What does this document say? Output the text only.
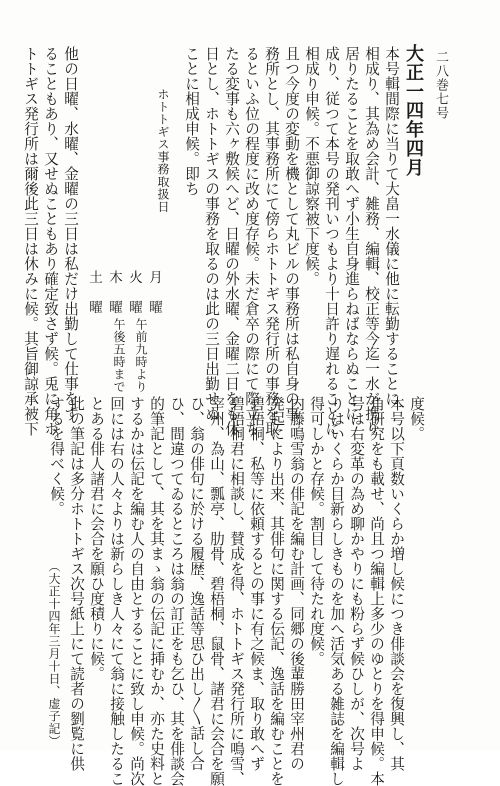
大正一四年四月 二八巻七号
本号輯間際に当りて大畠一水儀に他に転勤することに
相成り、其為め会計、雑務、編輯、校正等今迄一水が携り
居りたることを取敢へず小生自身進らねばならぬことに
成り、従つて本号の発刊いつもより十日許り遅れることに
相成り申候。不悪御諒察被下度候。
且つ今度の変動を機として丸ビルの事務所は私自身の事
務所とし、其事務所にて傍らホトトギス発行所の事務を取
るといふ位の程度に改め度存候。未だ倉卒の際にて際立ち
たる変事も六ヶ敷候へど、日曜の外水曜、金曜二日をも休
日とし、ホトトギスの事務を取るのは此の三日出勤せぬ
ことに相成申候。即ち
ホトトギス事務取扱日
月　曜
火　曜
木　曜
土　曜
午前九時より
午後五時まで
他の日曜、水曜、金曜の三日は私だけ出勤して仕事をす
ることもあり、又せぬこともあり確定致さず候。兎に角ホ
トトギス発行所は爾後此三日は休みに候。其旨御諒承被下	度候。
本号以下頁数いくらか増し候につき俳談会を復興し、其
角研究をも載せ、尚且つ編輯上多少のゆとりを得申候。本
号は右変革の為め聊かやりにも粉らず候ひしが、次号よ
りはいくらか目新らしきものを加へ活気ある雑誌を編輯し
得可しかと存候。割目して待たれ度候。
内藤鳴雪翁の俳記を編む計画、同郷の後輩勝田宰州君の
発起により出来、其俳句に関する伝記、逸話を編むことを
碧梧桐、私等に依頼するとの事に有之候ま、取り敢へず
碧梧桐君に相談し、賛成を得、ホトトギス発行所に鳴雪、
宰州、為山、瓢亭、肋骨、碧梧桐、鼠骨、諸君に会合を願
ひ、翁の俳句に於ける履歴、逸話等思ひ出し〳〵話し合
ひ、間違つてゐるところは翁の訂正をも乞ひ、其を俳談会
的筆記として、其を其まゝ翁の伝記に挿むか、亦た史料と
するかは伝記を編む人の自由とすることに致し申候。尚次
回には右の人々よりは新らしき人々にて翁に接触したるこ
とある俳人諸君に会合を願ひ度積りに候。
此の筆記は多分ホトトギス次号紙上にて読者の劉覧に供
するを得べく候。
（大正十四年三月十日、虚子記）
